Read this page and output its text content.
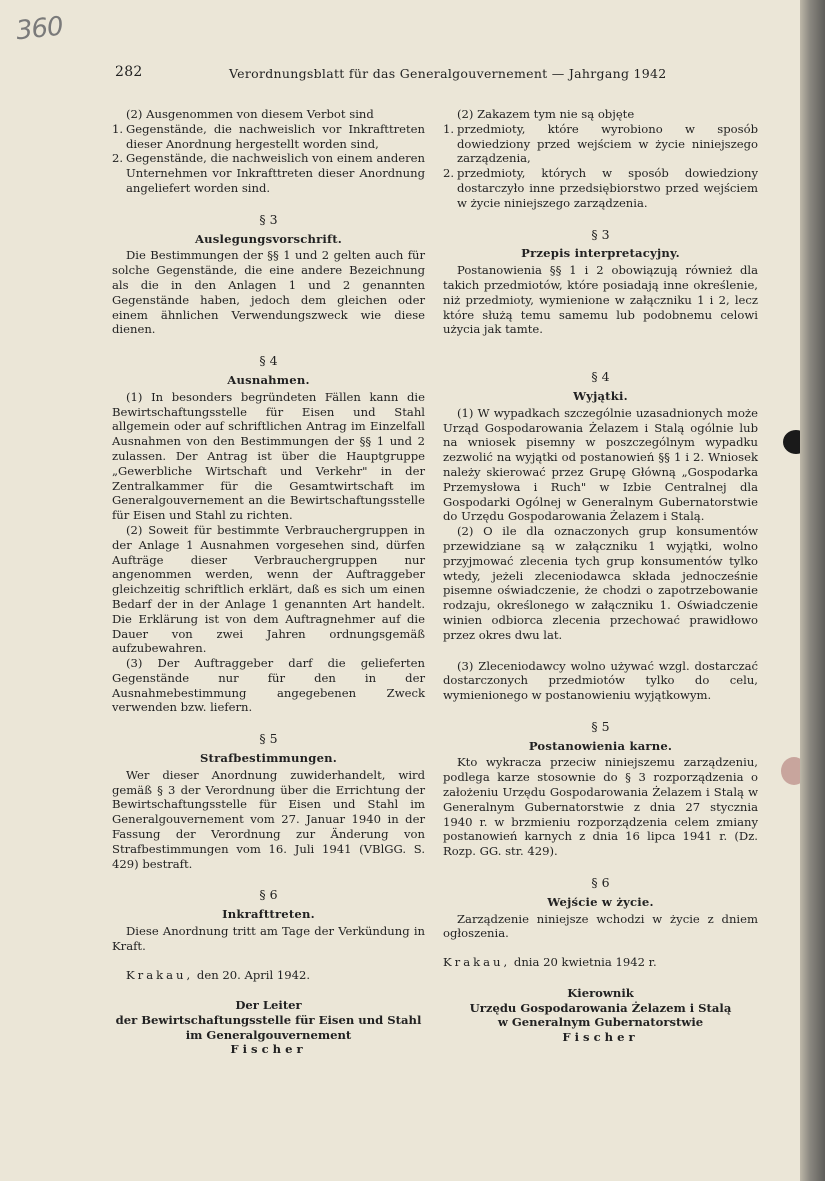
360
282	Verordnungsblatt für das Generalgouvernement — Jahrgang 1942

(2) Ausgenommen von diesem Verbot sind

1. Gegenstände, die nachweislich vor Inkrafttreten dieser Anordnung hergestellt worden sind,
2. Gegenstände, die nachweislich von einem anderen Unternehmen vor Inkrafttreten dieser Anordnung angeliefert worden sind.
§ 3
Auslegungsvorschrift.

Die Bestimmungen der §§ 1 und 2 gelten auch für solche Gegenstände, die eine andere Bezeichnung als die in den Anlagen 1 und 2 genannten Gegenstände haben, jedoch dem gleichen oder einem ähnlichen Verwendungszweck wie diese dienen.

§ 4
Ausnahmen.

(1) In besonders begründeten Fällen kann die Bewirtschaftungsstelle für Eisen und Stahl allgemein oder auf schriftlichen Antrag im Einzelfall Ausnahmen von den Bestimmungen der §§ 1 und 2 zulassen. Der Antrag ist über die Hauptgruppe „Gewerbliche Wirtschaft und Verkehr" in der Zentralkammer für die Gesamtwirtschaft im Generalgouvernement an die Bewirtschaftungsstelle für Eisen und Stahl zu richten.

(2) Soweit für bestimmte Verbrauchergruppen in der Anlage 1 Ausnahmen vorgesehen sind, dürfen Aufträge dieser Verbrauchergruppen nur angenommen werden, wenn der Auftraggeber gleichzeitig schriftlich erklärt, daß es sich um einen Bedarf der in der Anlage 1 genannten Art handelt. Die Erklärung ist von dem Auftragnehmer auf die Dauer von zwei Jahren ordnungsgemäß aufzubewahren.

(3) Der Auftraggeber darf die gelieferten Gegenstände nur für den in der Ausnahmebestimmung angegebenen Zweck verwenden bzw. liefern.

§ 5
Strafbestimmungen.

Wer dieser Anordnung zuwiderhandelt, wird gemäß § 3 der Verordnung über die Errichtung der Bewirtschaftungsstelle für Eisen und Stahl im Generalgouvernement vom 27. Januar 1940 in der Fassung der Verordnung zur Änderung von Strafbestimmungen vom 16. Juli 1941 (VBlGG. S. 429) bestraft.

§ 6
Inkrafttreten.

Diese Anordnung tritt am Tage der Verkündung in Kraft.

Krakau, den 20. April 1942.

Der Leiter
der Bewirtschaftungsstelle für Eisen und Stahl
im Generalgouvernement
Fischer

(2) Zakazem tym nie są objęte

1. przedmioty, które wyrobiono w sposób dowiedziony przed wejściem w życie niniejszego zarządzenia,
2. przedmioty, których w sposób dowiedziony dostarczyło inne przedsiębiorstwo przed wejściem w życie niniejszego zarządzenia.
§ 3
Przepis interpretacyjny.

Postanowienia §§ 1 i 2 obowiązują również dla takich przedmiotów, które posiadają inne określenie, niż przedmioty, wymienione w załączniku 1 i 2, lecz które służą temu samemu lub podobnemu celowi użycia jak tamte.

§ 4
Wyjątki.

(1) W wypadkach szczególnie uzasadnionych może Urząd Gospodarowania Żelazem i Stalą ogólnie lub na wniosek pisemny w poszczególnym wypadku zezwolić na wyjątki od postanowień §§ 1 i 2. Wniosek należy skierować przez Grupę Główną „Gospodarka Przemysłowa i Ruch" w Izbie Centralnej dla Gospodarki Ogólnej w Generalnym Gubernatorstwie do Urzędu Gospodarowania Żelazem i Stalą.

(2) O ile dla oznaczonych grup konsumentów przewidziane są w załączniku 1 wyjątki, wolno przyjmować zlecenia tych grup konsumentów tylko wtedy, jeżeli zleceniodawca składa jednocześnie pisemne oświadczenie, że chodzi o zapotrzebowanie rodzaju, określonego w załączniku 1. Oświadczenie winien odbiorca zlecenia przechować prawidłowo przez okres dwu lat.

(3) Zleceniodawcy wolno używać wzgl. dostarczać dostarczonych przedmiotów tylko do celu, wymienionego w postanowieniu wyjątkowym.

§ 5
Postanowienia karne.

Kto wykracza przeciw niniejszemu zarządzeniu, podlega karze stosownie do § 3 rozporządzenia o założeniu Urzędu Gospodarowania Żelazem i Stalą w Generalnym Gubernatorstwie z dnia 27 stycznia 1940 r. w brzmieniu rozporządzenia celem zmiany postanowień karnych z dnia 16 lipca 1941 r. (Dz. Rozp. GG. str. 429).

§ 6
Wejście w życie.

Zarządzenie niniejsze wchodzi w życie z dniem ogłoszenia.

Krakau, dnia 20 kwietnia 1942 r.

Kierownik
Urzędu Gospodarowania Żelazem i Stalą
w Generalnym Gubernatorstwie
Fischer
